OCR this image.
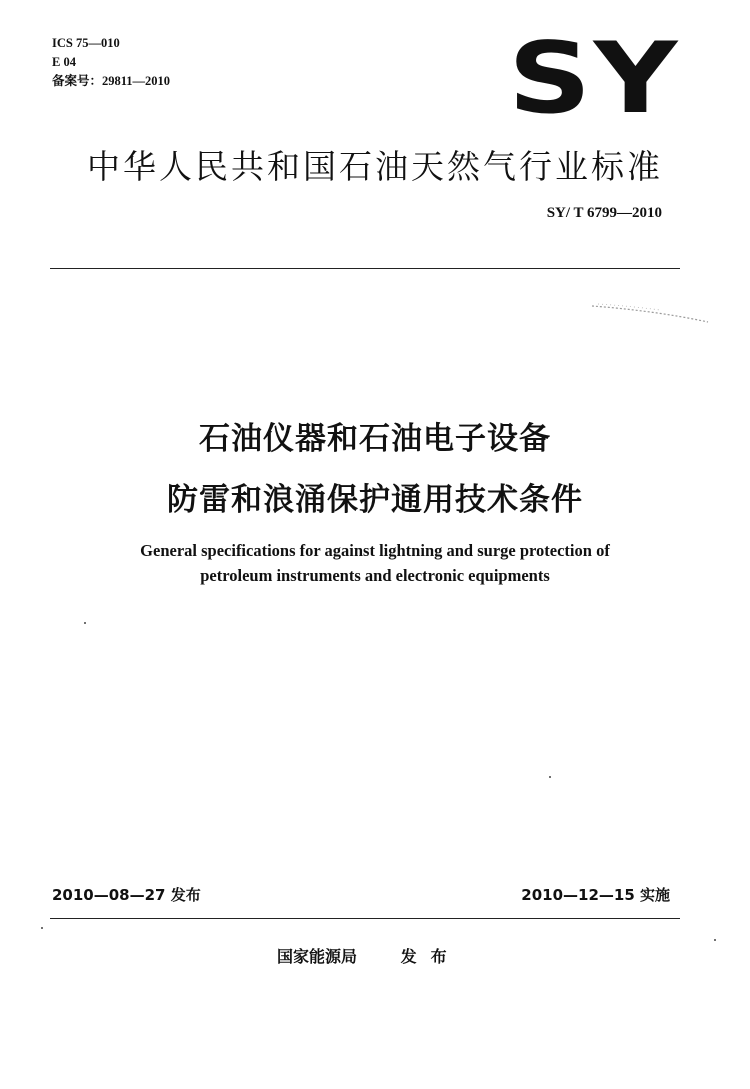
ICS 75—010
E 04
备案号：29811—2010	SY
中华人民共和国石油天然气行业标准
SY/ T 6799—2010
石油仪器和石油电子设备
防雷和浪涌保护通用技术条件
General specifications for against lightning and surge protection of
petroleum instruments and electronic equipments
2010—08—27 发布	2010—12—15 实施
国家能源局	发布
